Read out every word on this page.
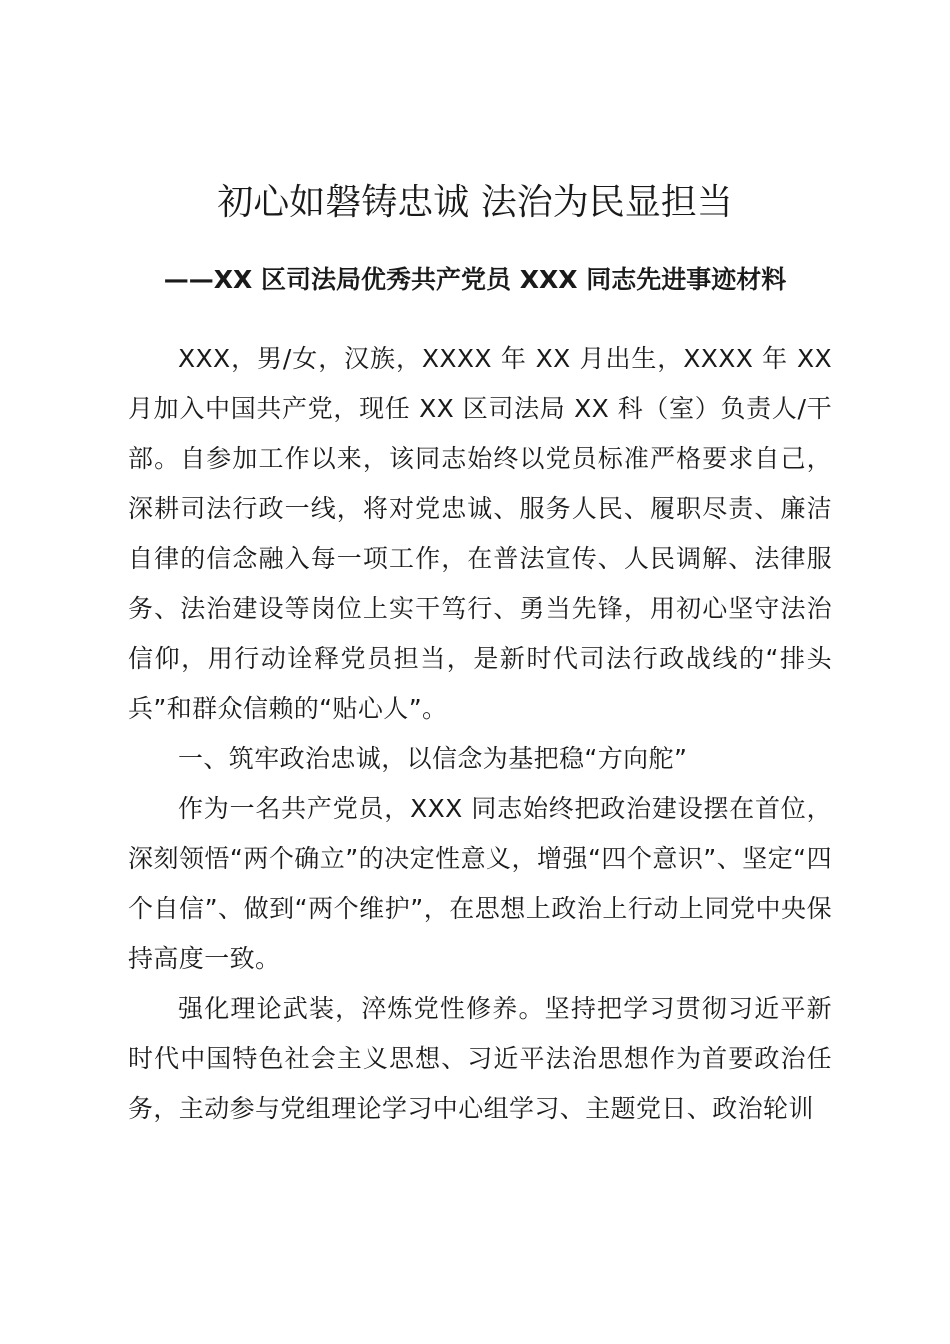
初心如磐铸忠诚 法治为民显担当
——XX 区司法局优秀共产党员 XXX 同志先进事迹材料

XXX，男/女，汉族，XXXX 年 XX 月出生，XXXX 年 XX 月加入中国共产党，现任 XX 区司法局 XX 科（室）负责人/干部。自参加工作以来，该同志始终以党员标准严格要求自己，深耕司法行政一线，将对党忠诚、服务人民、履职尽责、廉洁自律的信念融入每一项工作，在普法宣传、人民调解、法律服务、法治建设等岗位上实干笃行、勇当先锋，用初心坚守法治信仰，用行动诠释党员担当，是新时代司法行政战线的“排头兵”和群众信赖的“贴心人”。

一、筑牢政治忠诚，以信念为基把稳“方向舵”

作为一名共产党员，XXX 同志始终把政治建设摆在首位，深刻领悟“两个确立”的决定性意义，增强“四个意识”、坚定“四个自信”、做到“两个维护”，在思想上政治上行动上同党中央保持高度一致。

强化理论武装，淬炼党性修养。坚持把学习贯彻习近平新时代中国特色社会主义思想、习近平法治思想作为首要政治任务，主动参与党组理论学习中心组学习、主题党日、政治轮训
